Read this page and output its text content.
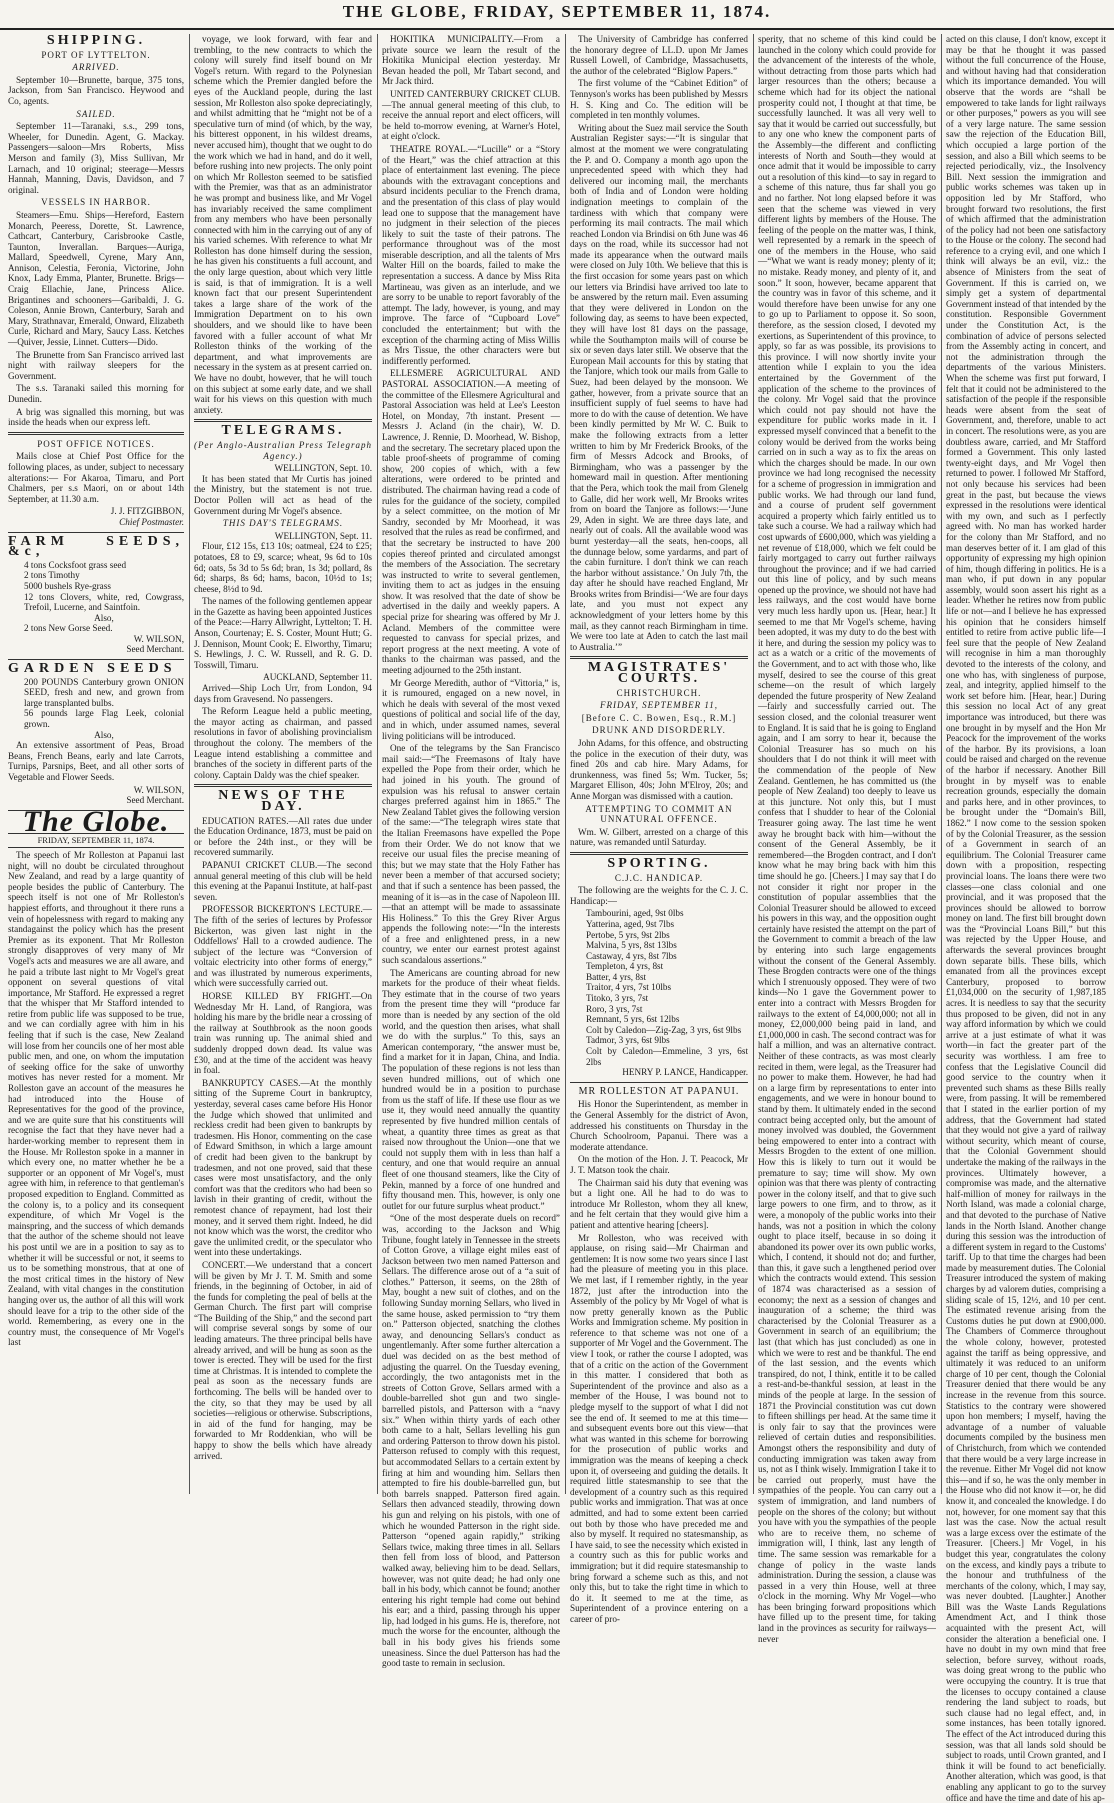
THE GLOBE, FRIDAY, SEPTEMBER 11, 1874.
SHIPPING.
PORT OF LYTTELTON.
ARRIVED.

September 10—Brunette, barque, 375 tons, Jackson, from San Francisco. Heywood and Co, agents.

SAILED.

September 11—Taranaki, s.s., 299 tons, Wheeler, for Dunedin. Agent, G. Mackay. Passengers—saloon—Mrs Roberts, Miss Merson and family (3), Miss Sullivan, Mr Larnach, and 10 original; steerage—Messrs Hannah, Manning, Davis, Davidson, and 7 original.

VESSELS IN HARBOR.

Steamers—Emu. Ships—Hereford, Eastern Monarch, Peeress, Dorette, St. Lawrence, Cathcart, Canterbury, Carisbrooke Castle, Taunton, Inverallan. Barques—Auriga, Mallard, Speedwell, Cyrene, Mary Ann, Annison, Celestia, Feronia, Victorine, John Knox, Lady Emma, Planter, Brunette. Brigs—Craig Ellachie, Jane, Princess Alice. Brigantines and schooners—Garibaldi, J. G. Coleson, Annie Brown, Canterbury, Sarah and Mary, Strathnavar, Emerald, Onward, Elizabeth Curle, Richard and Mary, Saucy Lass. Ketches—Quiver, Jessie, Linnet. Cutters—Dido.

The Brunette from San Francisco arrived last night with railway sleepers for the Government.

The s.s. Taranaki sailed this morning for Dunedin.

A brig was signalled this morning, but was inside the heads when our express left.

POST OFFICE NOTICES.

Mails close at Chief Post Office for the following places, as under, subject to necessary alterations:— For Akaroa, Timaru, and Port Chalmers, per s.s Maori, on or about 14th September, at 11.30 a.m.

J. J. FITZGIBBON,

Chief Postmaster.

FARM SEEDS, &c,

4 tons Cocksfoot grass seed

2 tons Timothy

5000 bushels Rye-grass

12 tons Clovers, white, red, Cowgrass, Trefoil, Lucerne, and Saintfoin.

Also,

2 tons New Gorse Seed.

W. WILSON,

Seed Merchant.

GARDEN SEEDS

200 POUNDS Canterbury grown ONION SEED, fresh and new, and grown from large transplanted bulbs.

56 pounds large Flag Leek, colonial grown.

Also,

An extensive assortment of Peas, Broad Beans, French Beans, early and late Carrots, Turnips, Parsnips, Beet, and all other sorts of Vegetable and Flower Seeds.

W. WILSON,

Seed Merchant.

The Globe.
FRIDAY, SEPTEMBER 11, 1874.

The speech of Mr Rolleston at Papanui last night, will no doubt be circulated throughout New Zealand, and read by a large quantity of people besides the public of Canterbury. The speech itself is not one of Mr Rolleston's happiest efforts, and throughout it there runs a vein of hopelessness with regard to making any standagainst the policy which has the present Premier as its exponent. That Mr Rolleston strongly disapproves of very many of Mr Vogel's acts and measures we are all aware, and he paid a tribute last night to Mr Vogel's great opponent on several questions of vital importance, Mr Stafford. He expressed a regret that the whisper that Mr Stafford intended to retire from public life was supposed to be true, and we can cordially agree with him in his feeling that if such is the case, New Zealand will lose from her councils one of her most able public men, and one, on whom the imputation of seeking office for the sake of unworthy motives has never rested for a moment. Mr Rolleston gave an account of the measures he had introduced into the House of Representatives for the good of the province, and we are quite sure that his constituents will recognise the fact that they have never had a harder-working member to represent them in the House. Mr Rolleston spoke in a manner in which every one, no matter whether he be a supporter or an opponent of Mr Vogel's, must agree with him, in reference to that gentleman's proposed expedition to England. Committed as the colony is, to a policy and its consequent expenditure, of which Mr Vogel is the mainspring, and the success of which demands that the author of the scheme should not leave his post until we are in a position to say as to whether it will be successful or not, it seems to us to be something monstrous, that at one of the most critical times in the history of New Zealand, with vital changes in the constitution hanging over us, the author of all this will work should leave for a trip to the other side of the world. Remembering, as every one in the country must, the consequence of Mr Vogel's last

voyage, we look forward, with fear and trembling, to the new contracts to which the colony will surely find itself bound on Mr Vogel's return. With regard to the Polynesian scheme which the Premier dangled before the eyes of the Auckland people, during the last session, Mr Rolleston also spoke depreciatingly, and whilst admitting that he “might not be of a speculative turn of mind (of which, by the way, his bitterest opponent, in his wildest dreams, never accused him), thought that we ought to do the work which we had in hand, and do it well, before rushing into new projects. The only point on which Mr Rolleston seemed to be satisfied with the Premier, was that as an administrator he was prompt and business like, and Mr Vogel has invariably received the same compliment from any members who have been personally connected with him in the carrying out of any of his varied schemes. With reference to what Mr Rolleston has done himself during the session, he has given his constituents a full account, and the only large question, about which very little is said, is that of immigration. It is a well known fact that our present Superintendent takes a large share of the work of the Immigration Department on to his own shoulders, and we should like to have been favored with a fuller account of what Mr Rolleston thinks of the working of the department, and what improvements are necessary in the system as at present carried on. We have no doubt, however, that he will touch on this subject at some early date, and we shall wait for his views on this question with much anxiety.

TELEGRAMS.
(Per Anglo-Australian Press Telegraph Agency.)

WELLINGTON, Sept. 10.

It has been stated that Mr Curtis has joined the Ministry, but the statement is not true. Doctor Pollen will act as head of the Government during Mr Vogel's absence.

THIS DAY'S TELEGRAMS.

WELLINGTON, Sept. 11.

Flour, £12 15s, £13 10s; oatmeal, £24 to £25; potatoes, £8 to £9, scarce; wheat, 9s 6d to 10s 6d; oats, 5s 3d to 5s 6d; bran, 1s 3d; pollard, 8s 6d; sharps, 8s 6d; hams, bacon, 10½d to 1s; cheese, 8½d to 9d.

The names of the following gentlemen appear in the Gazette as having been appointed Justices of the Peace:—Harry Allwright, Lyttelton; T. H. Anson, Courtenay; E. S. Coster, Mount Hutt; G. J. Dennison, Mount Cook; E. Elworthy, Timaru; S. Hewlings, J. C. W. Russell, and R. G. D. Tosswill, Timaru.

AUCKLAND, September 11.

Arrived—Ship Loch Urr, from London, 94 days from Gravesend. No passengers.

The Reform League held a public meeting, the mayor acting as chairman, and passed resolutions in favor of abolishing provincialism throughout the colony. The members of the League intend establishing a committee and branches of the society in different parts of the colony. Captain Daldy was the chief speaker.

NEWS OF THE DAY.

EDUCATION RATES.—All rates due under the Education Ordinance, 1873, must be paid on or before the 24th inst., or they will be recovered summarily.

PAPANUI CRICKET CLUB.—The second annual general meeting of this club will be held this evening at the Papanui Institute, at half-past seven.

PROFESSOR BICKERTON'S LECTURE.—The fifth of the series of lectures by Professor Bickerton, was given last night in the Oddfellows' Hall to a crowded audience. The subject of the lecture was “Conversion of voltaic electricity into other forms of energy,” and was illustrated by numerous experiments, which were successfully carried out.

HORSE KILLED BY FRIGHT.—On Wednesday Mr H. Land, of Rangiora, was holding his mare by the bridle near a crossing of the railway at Southbrook as the noon goods train was running up. The animal shied and suddenly dropped down dead. Its value was £30, and at the time of the accident was heavy in foal.

BANKRUPTCY CASES.—At the monthly sitting of the Supreme Court in bankruptcy, yesterday, several cases came before His Honor the Judge which showed that unlimited and reckless credit had been given to bankrupts by tradesmen. His Honor, commenting on the case of Edward Smithson, in which a large amount of credit had been given to the bankrupt by tradesmen, and not one proved, said that these cases were most unsatisfactory, and the only comfort was that the creditors who had been so lavish in their granting of credit, without the remotest chance of repayment, had lost their money, and it served them right. Indeed, he did not know which was the worst, the creditor who gave the unlimited credit, or the speculator who went into these undertakings.

CONCERT.—We understand that a concert will be given by Mr J. T. M. Smith and some friends, in the beginning of October, in aid of the funds for completing the peal of bells at the German Church. The first part will comprise “The Building of the Ship,” and the second part will comprise several songs by some of our leading amateurs. The three principal bells have already arrived, and will be hung as soon as the tower is erected. They will be used for the first time at Christmas. It is intended to complete the peal as soon as the necessary funds are forthcoming. The bells will be handed over to the city, so that they may be used by all societies—religious or otherwise. Subscriptions, in aid of the fund for hanging, may be forwarded to Mr Roddenkian, who will be happy to show the bells which have already arrived.

HOKITIKA MUNICIPALITY.—From a private source we learn the result of the Hokitika Municipal election yesterday. Mr Bevan headed the poll, Mr Tabart second, and Mr Jack third.

UNITED CANTERBURY CRICKET CLUB.—The annual general meeting of this club, to receive the annual report and elect officers, will be held to-morrow evening, at Warner's Hotel, at eight o'clock.

THEATRE ROYAL.—“Lucille” or a “Story of the Heart,” was the chief attraction at this place of entertainment last evening. The piece abounds with the extravagant conceptions and absurd incidents peculiar to the French drama, and the presentation of this class of play would lead one to suppose that the management have no judgment in their selection of the pieces likely to suit the taste of their patrons. The performance throughout was of the most miserable description, and all the talents of Mrs Walter Hill on the boards, failed to make the representation a success. A dance by Miss Rita Martineau, was given as an interlude, and we are sorry to be unable to report favorably of the attempt. The lady, however, is young, and may improve. The farce of “Cupboard Love” concluded the entertainment; but with the exception of the charming acting of Miss Willis as Mrs Tissue, the other characters were but indifferently performed.

ELLESMERE AGRICULTURAL AND PASTORAL ASSOCIATION.—A meeting of the committee of the Ellesmere Agricultural and Pastoral Association was held at Lee's Leeston Hotel, on Monday, 7th instant. Present — Messrs J. Acland (in the chair), W. D. Lawrence, J. Rennie, D. Moorhead, W. Bishop, and the secretary. The secretary placed upon the table proof-sheets of programme of coming show, 200 copies of which, with a few alterations, were ordered to be printed and distributed. The chairman having read a code of rules for the guidance of the society, compiled by a select committee, on the motion of Mr Sandry, seconded by Mr Moorhead, it was resolved that the rules as read be confirmed, and that the secretary be instructed to have 200 copies thereof printed and circulated amongst the members of the Association. The secretary was instructed to write to several gentlemen, inviting them to act as judges in the ensuing show. It was resolved that the date of show be advertised in the daily and weekly papers. A special prize for shearing was offered by Mr J. Acland. Members of the committee were requested to canvass for special prizes, and report progress at the next meeting. A vote of thanks to the chairman was passed, and the meeting adjourned to the 25th instant.

Mr George Meredith, author of “Vittoria,” is, it is rumoured, engaged on a new novel, in which he deals with several of the most vexed questions of political and social life of the day, and in which, under assumed names, several living politicians will be introduced.

One of the telegrams by the San Francisco mail said:—“The Freemasons of Italy have expelled the Pope from their order, which he had joined in his youth. The ground of expulsion was his refusal to answer certain charges preferred against him in 1865.” The New Zealand Tablet gives the following version of the same:—“The telegraph wires state that the Italian Freemasons have expelled the Pope from their Order. We do not know that we receive our usual files the precise meaning of this; but we may state that the Holy Father has never been a member of that accursed society; and that if such a sentence has been passed, the meaning of it is—as in the case of Napoleon III.—that an attempt will be made to assassinate His Holiness.” To this the Grey River Argus appends the following note:—“In the interests of a free and enlightened press, in a new country, we enter our earnest protest against such scandalous assertions.”

The Americans are counting abroad for new markets for the produce of their wheat fields. They estimate that in the course of two years from the present time they will “produce far more than is needed by any section of the old world, and the question then arises, what shall we do with the surplus.” To this, says an American contemporary, “the answer must be, find a market for it in Japan, China, and India. The population of these regions is not less than seven hundred millions, out of which one hundred would be in a position to purchase from us the staff of life. If these use flour as we use it, they would need annually the quantity represented by five hundred million centals of wheat, a quantity three times as great as that raised now throughout the Union—one that we could not supply them with in less than half a century, and one that would require an annual fleet of one thousand steamers, like the City of Pekin, manned by a force of one hundred and fifty thousand men. This, however, is only one outlet for our future surplus wheat product.”

“One of the most desperate duels on record” was, according to the Jackson and Whig Tribune, fought lately in Tennessee in the streets of Cotton Grove, a village eight miles east of Jackson between two men named Patterson and Sellars. The difference arose out of a “a suit of clothes.” Patterson, it seems, on the 28th of May, bought a new suit of clothes, and on the following Sunday morning Sellars, who lived in the same house, asked permission to “try them on.” Patterson objected, snatching the clothes away, and denouncing Sellars's conduct as ungentlemanly. After some further altercation a duel was decided on as the best method of adjusting the quarrel. On the Tuesday evening, accordingly, the two antagonists met in the streets of Cotton Grove, Sellars armed with a double-barrelled shot gun and two single-barrelled pistols, and Patterson with a “navy six.” When within thirty yards of each other both came to a halt, Sellars levelling his gun and ordering Patterson to throw down his pistol. Patterson refused to comply with this request, but accommodated Sellars to a certain extent by firing at him and wounding him. Sellars then attempted to fire his double-barrelled gun, but both barrels snapped. Patterson fired again. Sellars then advanced steadily, throwing down his gun and relying on his pistols, with one of which he wounded Patterson in the right side. Patterson “opened again rapidly,” striking Sellars twice, making three times in all. Sellars then fell from loss of blood, and Patterson walked away, believing him to be dead. Sellars, however, was not quite dead; he had only one ball in his body, which cannot be found; another entering his right temple had come out behind his ear; and a third, passing through his upper lip, had lodged in his gums. He is, therefore, not much the worse for the encounter, although the ball in his body gives his friends some uneasiness. Since the duel Patterson has had the good taste to remain in seclusion.

The University of Cambridge has conferred the honorary degree of LL.D. upon Mr James Russell Lowell, of Cambridge, Massachusetts, the author of the celebrated “Biglow Papers.”

The first volume of the “Cabinet Edition” of Tennyson's works has been published by Messrs H. S. King and Co. The edition will be completed in ten monthly volumes.

Writing about the Suez mail service the South Australian Register says:—“It is singular that almost at the moment we were congratulating the P. and O. Company a month ago upon the unprecedented speed with which they had delivered our incoming mail, the merchants both of India and of London were holding indignation meetings to complain of the tardiness with which that company were performing its mail contracts. The mail which reached London via Brindisi on 6th June was 46 days on the road, while its successor had not made its appearance when the outward mails were closed on July 10th. We believe that this is the first occasion for some years past on which our letters via Brindisi have arrived too late to be answered by the return mail. Even assuming that they were delivered in London on the following day, as seems to have been expected, they will have lost 81 days on the passage, while the Southampton mails will of course be six or seven days later still. We observe that the European Mail accounts for this by stating that the Tanjore, which took our mails from Galle to Suez, had been delayed by the monsoon. We gather, however, from a private source that an insufficient supply of fuel seems to have had more to do with the cause of detention. We have been kindly permitted by Mr W. C. Buik to make the following extracts from a letter written to him by Mr Frederick Brooks, of the firm of Messrs Adcock and Brooks, of Birmingham, who was a passenger by the homeward mail in question. After mentioning that the Pera, which took the mail from Glenelg to Galle, did her work well, Mr Brooks writes from on board the Tanjore as follows:—‘June 29, Aden in sight. We are three days late, and nearly out of coals. All the available wood was burnt yesterday—all the seats, hen-coops, all the dunnage below, some yardarms, and part of the cabin furniture. I don't think we can reach the harbor without assistance.’ On July 7th, the day after he should have reached England, Mr Brooks writes from Brindisi—‘We are four days late, and you must not expect any acknowledgment of your letters home by this mail, as they cannot reach Birmingham in time. We were too late at Aden to catch the last mail to Australia.’”

MAGISTRATES' COURTS.
CHRISTCHURCH.
FRIDAY, SEPTEMBER 11,
[Before C. C. Bowen, Esq., R.M.]
DRUNK AND DISORDERLY.

John Adams, for this offence, and obstructing the police in the execution of their duty, was fined 20s and cab hire. Mary Adams, for drunkenness, was fined 5s; Wm. Tucker, 5s; Margaret Ellison, 40s; John M'Elroy, 20s; and Anne Morgan was dismissed with a caution.

ATTEMPTING TO COMMIT AN UNNATURAL OFFENCE.

Wm. W. Gilbert, arrested on a charge of this nature, was remanded until Saturday.

SPORTING.
C.J.C. HANDICAP.

The following are the weights for the C. J. C. Handicap:—

Tambourini, aged, 9st 0lbs

Yatterina, aged, 9st 7lbs

Pertobe, 5 yrs, 9st 2lbs

Malvina, 5 yrs, 8st 13lbs

Castaway, 4 yrs, 8st 7lbs

Templeton, 4 yrs, 8st

Batter, 4 yrs, 8st

Traitor, 4 yrs, 7st 10lbs

Titoko, 3 yrs, 7st

Roro, 3 yrs, 7st

Remnant, 5 yrs, 6st 12lbs

Colt by Caledon—Zig-Zag, 3 yrs, 6st 9lbs

Tadmor, 3 yrs, 6st 9lbs

Colt by Caledon—Emmeline, 3 yrs, 6st 2lbs

HENRY P. LANCE, Handicapper.

MR ROLLESTON AT PAPANUI.

His Honor the Superintendent, as member in the General Assembly for the district of Avon, addressed his constituents on Thursday in the Church Schoolroom, Papanui. There was a moderate attendance.

On the motion of the Hon. J. T. Peacock, Mr J. T. Matson took the chair.

The Chairman said his duty that evening was but a light one. All he had to do was to introduce Mr Rolleston, whom they all knew, and he felt certain that they would give him a patient and attentive hearing [cheers].

Mr Rolleston, who was received with applause, on rising said—Mr Chairman and gentlemen: It is now some two years since I last had the pleasure of meeting you in this place. We met last, if I remember rightly, in the year 1872, just after the introduction into the Assembly of the policy by Mr Vogel of what is now pretty generally known as the Public Works and Immigration scheme. My position in reference to that scheme was not one of a supporter of Mr Vogel and the Government. The view I took, or rather the course I adopted, was that of a critic on the action of the Government in this matter. I considered that both as Superintendent of the province and also as a member of the House, I was bound not to pledge myself to the support of what I did not see the end of. It seemed to me at this time—and subsequent events bore out this view—that what was wanted in this scheme for borrowing for the prosecution of public works and immigration was the means of keeping a check upon it, of overseeing and guiding the details. It required little statesmanship to see that the development of a country such as this required public works and immigration. That was at once admitted, and had to some extent been carried out both by those who have preceded me and also by myself. It required no statesmanship, as I have said, to see the necessity which existed in a country such as this for public works and immigration; but it did require statesmanship to bring forward a scheme such as this, and not only this, but to take the right time in which to do it. It seemed to me at the time, as Superintendent of a province entering on a career of pro-

sperity, that no scheme of this kind could be launched in the colony which could provide for the advancement of the interests of the whole, without detracting from those parts which had larger resources than the others; because a scheme which had for its object the national prosperity could not, I thought at that time, be successfully launched. It was all very well to say that it would be carried out successfully, but to any one who knew the component parts of the Assembly—the different and conflicting interests of North and South—they would at once admit that it would be impossible to carry out a resolution of this kind—to say in regard to a scheme of this nature, thus far shall you go and no farther. Not long elapsed before it was seen that the scheme was viewed in very different lights by members of the House. The feeling of the people on the matter was, I think, well represented by a remark in the speech of one of the members in the House, who said—“What we want is ready money; plenty of it; no mistake. Ready money, and plenty of it, and soon.” It soon, however, became apparent that the country was in favor of this scheme, and it would therefore have been unwise for any one to go up to Parliament to oppose it. So soon, therefore, as the session closed, I devoted my exertions, as Superintendent of this province, to apply, so far as was possible, its provisions to this province. I will now shortly invite your attention while I explain to you the idea entertained by the Government of the application of the scheme to the provinces of the colony. Mr Vogel said that the province which could not pay should not have the expenditure for public works made in it. I expressed myself convinced that a benefit to the colony would be derived from the works being carried on in such a way as to fix the areas on which the charges should be made. In our own province we had long recognised the necessity for a scheme of progression in immigration and public works. We had through our land fund, and a course of prudent self government acquired a property which fairly entitled us to take such a course. We had a railway which had cost upwards of £600,000, which was yielding a net revenue of £18,000, which we felt could be fairly mortgaged to carry out further railways throughout the province; and if we had carried out this line of policy, and by such means opened up the province, we should not have had less railways, and the cost would have borne very much less hardly upon us. [Hear, hear.] It seemed to me that Mr Vogel's scheme, having been adopted, it was my duty to do the best with it here, and during the session my policy was to act as a watch or a critic of the movements of the Government, and to act with those who, like myself, desired to see the course of this great scheme—on the result of which largely depended the future prosperity of New Zealand—fairly and successfully carried out. The session closed, and the colonial treasurer went to England. It is said that he is going to England again, and I am sorry to hear it, because the Colonial Treasurer has so much on his shoulders that I do not think it will meet with the commendation of the people of New Zealand. Gentlemen, he has committed us (the people of New Zealand) too deeply to leave us at this juncture. Not only this, but I must confess that I shudder to hear of the Colonial Treasurer going away. The last time he went away he brought back with him—without the consent of the General Assembly, be it remembered—the Brogden contract, and I don't know what he may bring back with him this time should he go. [Cheers.] I may say that I do not consider it right nor proper in the constitution of popular assemblies that the Colonial Treasurer should be allowed to exceed his powers in this way, and the opposition ought certainly have resisted the attempt on the part of the Government to commit a breach of the law by entering into such large engagements without the consent of the General Assembly. These Brogden contracts were one of the things which I strenuously opposed. They were of two kinds—No 1 gave the Government power to enter into a contract with Messrs Brogden for railways to the extent of £4,000,000; not all in money, £2,000,000 being paid in land, and £1,000,000 in cash. The second contract was for half a million, and was an alternative contract. Neither of these contracts, as was most clearly recited in them, were legal, as the Treasurer had no power to make them. However, he had had on a large firm by representations to enter into engagements, and we were in honour bound to stand by them. It ultimately ended in the second contract being accepted only, but the amount of money involved was doubled, the Government being empowered to enter into a contract with Messrs Brogden to the extent of one million. How this is likely to turn out it would be premature to say; time will show. My own opinion was that there was plenty of contracting power in the colony itself, and that to give such large powers to one firm, and to throw, as it were, a monopoly of the public works into their hands, was not a position in which the colony ought to place itself, because in so doing it abandoned its power over its own public works, which, I contend, it should not do; and further, than this, it gave such a lengthened period over which the contracts would extend. This session of 1874 was characterised as a session of economy; the next as a session of changes and inauguration of a scheme; the third was characterised by the Colonial Treasurer as a Government in search of an equilibrium; the last (that which has just concluded) as one in which we were to rest and be thankful. The end of the last session, and the events which transpired, do not, I think, entitle it to be called a rest-and-be-thankful session, at least in the minds of the people at large. In the session of 1871 the Provincial constitution was cut down to fifteen shillings per head. At the same time it is only fair to say that the provinces were relieved of certain duties and responsibilities. Amongst others the responsibility and duty of conducting immigration was taken away from us, not as I think wisely. Immigration I take it to be carried out properly, must have the sympathies of the people. You can carry out a system of immigration, and land numbers of people on the shores of the colony; but without you have with you the sympathies of the people who are to receive them, no scheme of immigration will, I think, last any length of time. The same session was remarkable for a change of policy in the waste lands administration. During the session, a clause was passed in a very thin House, well at three o'clock in the morning. Why Mr Vogel—who has been bringing forward propositions which have filled up to the present time, for taking land in the provinces as security for railways—never

acted on this clause, I don't know, except it may be that he thought it was passed without the full concurrence of the House, and without having had that consideration which its importance demanded. You will observe that the words are “shall be empowered to take lands for light railways or other purposes,” powers as you will see of a very large nature. The same session saw the rejection of the Education Bill, which occupied a large portion of the session, and also a Bill which seems to be rejected periodically, viz., the Insolvency Bill. Next session the immigration and public works schemes was taken up in opposition led by Mr Stafford, who brought forward two resolutions, the first of which affirmed that the administration of the policy had not been one satisfactory to the House or the colony. The second had reference to a crying evil, and one which I think will always be an evil, viz.: the absence of Ministers from the seat of Government. If this is carried on, we simply get a system of departmental Government instead of that intended by the constitution. Responsible Government under the Constitution Act, is the combination of advice of persons selected from the Assembly acting in concert, and not the administration through the departments of the various Ministers. When the scheme was first put forward, I felt that it could not be administered to the satisfaction of the people if the responsible heads were absent from the seat of Government, and, therefore, unable to act in concert. The resolutions were, as you are doubtless aware, carried, and Mr Stafford formed a Government. This only lasted twenty-eight days, and Mr Vogel then returned to power. I followed Mr Stafford, not only because his services had been great in the past, but because the views expressed in the resolutions were identical with my own, and such as I perfectly agreed with. No man has worked harder for the colony than Mr Stafford, and no man deserves better of it. I am glad of this opportunity of expressing my high opinion of him, though differing in politics. He is a man who, if put down in any popular assembly, would soon assert his right as a leader. Whether he retires now from public life or not—and I believe he has expressed his opinion that he considers himself entitled to retire from active public life—I feel sure that the people of New Zealand will recognise in him a man thoroughly devoted to the interests of the colony, and one who has, with singleness of purpose, zeal, and integrity, applied himself to the work set before him. [Hear, hear.] During this session no local Act of any great importance was introduced, but there was one brought in by myself and the Hon Mr Peacock for the improvement of the works of the harbor. By its provisions, a loan could be raised and charged on the revenue of the harbor if necessary. Another Bill brought in by myself was to enable recreation grounds, especially the domain and parks here, and in other provinces, to be brought under the “Domain's Bill, 1862.” I now come to the session spoken of by the Colonial Treasurer, as the session of a Government in search of an equilibrium. The Colonial Treasurer came down with a proposition, respecting provincial loans. The loans there were two classes—one class colonial and one provincial, and it was proposed that the provinces should be allowed to borrow money on land. The first bill brought down was the “Provincial Loans Bill,” but this was rejected by the Upper House, and afterwards the several provinces brought down separate bills. These bills, which emanated from all the provinces except Canterbury, proposed to borrow £1,034,000 on the security of 1,987,185 acres. It is needless to say that the security thus proposed to be given, did not in any way afford information by which we could arrive at a just estimate of what it was worth—in fact the greater part of the security was worthless. I am free to confess that the Legislative Council did good service to the country when it prevented such shams as these Bills really were, from passing. It will be remembered that I stated in the earlier portion of my address, that the Government had stated that they would not give a yard of railway without security, which meant of course, that the Colonial Government should undertake the making of the railways in the provinces. Ultimately however, a compromise was made, and the alternative half-million of money for railways in the North Island, was made a colonial charge, and that devoted to the purchase of Native lands in the North Island. Another change during this session was the introduction of a different system in regard to the Customs' tariff. Up to that time the charges had been made by measurement duties. The Colonial Treasurer introduced the system of making charges by ad valorem duties, comprising a sliding scale of 15, 12½, and 10 per cent. The estimated revenue arising from the Customs duties he put down at £900,000. The Chambers of Commerce throughout the whole colony, however, protested against the tariff as being oppressive, and ultimately it was reduced to an uniform charge of 10 per cent, though the Colonial Treasurer denied that there would be any increase in the revenue from this source. Statistics to the contrary were showered upon hon members; I myself, having the advantage of a number of valuable documents compiled by the business men of Christchurch, from which we contended that there would be a very large increase in the revenue. Either Mr Vogel did not know this—and if so, he was the only member in the House who did not know it—or, he did know it, and concealed the knowledge. I do not, however, for one moment say that this last was the case. Now the actual result was a large excess over the estimate of the Treasurer. [Cheers.] Mr Vogel, in his budget this year, congratulates the colony on the excess, and kindly pays a tribute to the honour and truthfulness of the merchants of the colony, which, I may say, was never doubted. [Laughter.] Another Bill was the Waste Lands Regulations Amendment Act, and I think those acquainted with the present Act, will consider the alteration a beneficial one. I have no doubt in my own mind that free selection, before survey, without roads, was doing great wrong to the public who were occupying the country. It is true that the licenses to occupy contained a clause rendering the land subject to roads, but such clause had no legal effect, and, in some instances, has been totally ignored. The effect of the Act introduced during this session, was that all lands sold should be subject to roads, until Crown granted, and I think it will be found to act beneficially. Another alteration, which was good, is that enabling any applicant to go to the survey office and have the time and date of his ap-
